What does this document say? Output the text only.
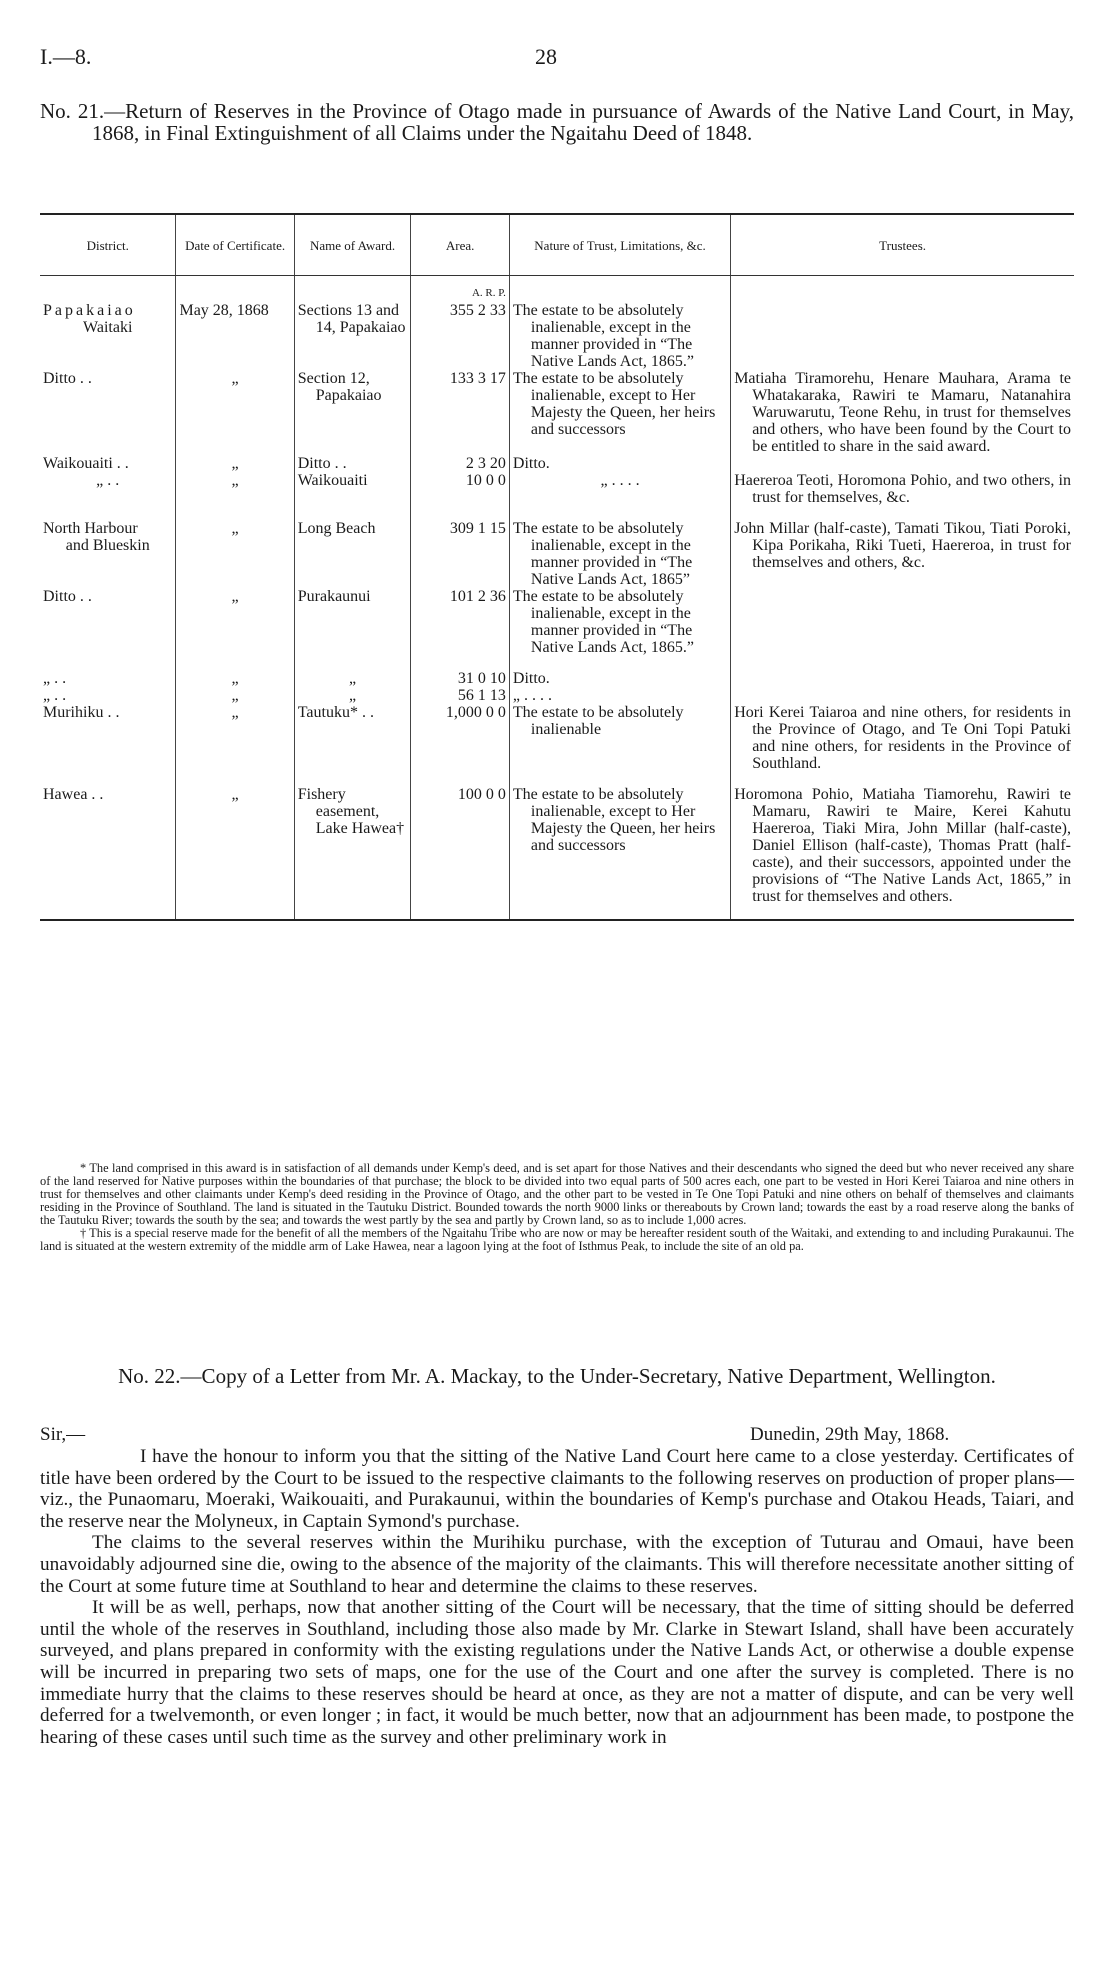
I.—8.	28
No. 21.—Return of Reserves in the Province of Otago made in pursuance of Awards of the Native Land Court, in May, 1868, in Final Extinguishment of all Claims under the Ngaitahu Deed of 1848.
District.	Date of Certificate.	Name of Award.	Area.	Nature of Trust, Limitations, &c.	Trustees.
			A. R. P.		
Papakaiao
Waitaki	May 28, 1868	Sections 13 and 14, Papakaiao	355 2 33	The estate to be absolutely inalienable, except in the manner provided in “The Native Lands Act, 1865.”	

Ditto . .	„	Section 12, Papakaiao	133 3 17	The estate to be absolutely inalienable, except to Her Majesty the Queen, her heirs and successors	Matiaha Tiramorehu, Henare Mauhara, Arama te Whatakaraka, Rawiri te Mamaru, Natanahira Waruwarutu, Teone Rehu, in trust for themselves and others, who have been found by the Court to be entitled to share in the said award.

Waikouaiti . .	„	Ditto . .	2 3 20	Ditto.	
„ . .	„	Waikouaiti	10 0 0	„ . . . .	Haereroa Teoti, Horomona Pohio, and two others, in trust for themselves, &c.

North Harbour
and Blueskin	„	Long Beach	309 1 15	The estate to be absolutely inalienable, except in the manner provided in “The Native Lands Act, 1865”	John Millar (half-caste), Tamati Tikou, Tiati Poroki, Kipa Porikaha, Riki Tueti, Haereroa, in trust for themselves and others, &c.

Ditto . .	„	Purakaunui	101 2 36	The estate to be absolutely inalienable, except in the manner provided in “The Native Lands Act, 1865.”	

„ . .	„	„	31 0 10	Ditto.	
„ . .	„	„	56 1 13	„ . . . .	
Murihiku . .	„	Tautuku* . .	1,000 0 0	The estate to be absolutely inalienable	Hori Kerei Taiaroa and nine others, for residents in the Province of Otago, and Te Oni Topi Patuki and nine others, for residents in the Province of Southland.

Hawea . .	„	Fishery easement, Lake Hawea†	100 0 0	The estate to be absolutely inalienable, except to Her Majesty the Queen, her heirs and successors	Horomona Pohio, Matiaha Tiamorehu, Rawiri te Mamaru, Rawiri te Maire, Kerei Kahutu Haereroa, Tiaki Mira, John Millar (half-caste), Daniel Ellison (half-caste), Thomas Pratt (half-caste), and their successors, appointed under the provisions of “The Native Lands Act, 1865,” in trust for themselves and others.

* The land comprised in this award is in satisfaction of all demands under Kemp's deed, and is set apart for those Natives and their descendants who signed the deed but who never received any share of the land reserved for Native purposes within the boundaries of that purchase; the block to be divided into two equal parts of 500 acres each, one part to be vested in Hori Kerei Taiaroa and nine others in trust for themselves and other claimants under Kemp's deed residing in the Province of Otago, and the other part to be vested in Te One Topi Patuki and nine others on behalf of themselves and claimants residing in the Province of Southland. The land is situated in the Tautuku District. Bounded towards the north 9000 links or thereabouts by Crown land; towards the east by a road reserve along the banks of the Tautuku River; towards the south by the sea; and towards the west partly by the sea and partly by Crown land, so as to include 1,000 acres.

† This is a special reserve made for the benefit of all the members of the Ngaitahu Tribe who are now or may be hereafter resident south of the Waitaki, and extending to and including Purakaunui. The land is situated at the western extremity of the middle arm of Lake Hawea, near a lagoon lying at the foot of Isthmus Peak, to include the site of an old pa.

No. 22.—Copy of a Letter from Mr. A. Mackay, to the Under-Secretary, Native Department, Wellington.
Sir,—	Dunedin, 29th May, 1868.

I have the honour to inform you that the sitting of the Native Land Court here came to a close yesterday. Certificates of title have been ordered by the Court to be issued to the respective claimants to the following reserves on production of proper plans—viz., the Punaomaru, Moeraki, Waikouaiti, and Purakaunui, within the boundaries of Kemp's purchase and Otakou Heads, Taiari, and the reserve near the Molyneux, in Captain Symond's purchase.

The claims to the several reserves within the Murihiku purchase, with the exception of Tuturau and Omaui, have been unavoidably adjourned sine die, owing to the absence of the majority of the claimants. This will therefore necessitate another sitting of the Court at some future time at Southland to hear and determine the claims to these reserves.

It will be as well, perhaps, now that another sitting of the Court will be necessary, that the time of sitting should be deferred until the whole of the reserves in Southland, including those also made by Mr. Clarke in Stewart Island, shall have been accurately surveyed, and plans prepared in conformity with the existing regulations under the Native Lands Act, or otherwise a double expense will be incurred in preparing two sets of maps, one for the use of the Court and one after the survey is completed. There is no immediate hurry that the claims to these reserves should be heard at once, as they are not a matter of dispute, and can be very well deferred for a twelvemonth, or even longer ; in fact, it would be much better, now that an adjournment has been made, to postpone the hearing of these cases until such time as the survey and other preliminary work in
